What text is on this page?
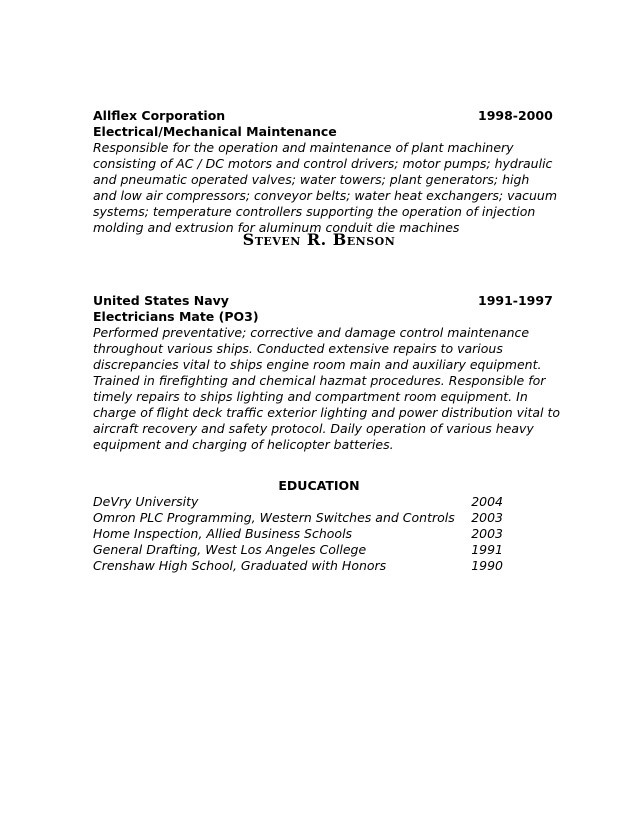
Allflex Corporation	1998-2000
Electrical/Mechanical Maintenance
Responsible for the operation and maintenance of plant machinery
consisting of AC / DC motors and control drivers; motor pumps; hydraulic
and pneumatic operated valves; water towers; plant generators; high
and low air compressors; conveyor belts; water heat exchangers; vacuum
systems; temperature controllers supporting the operation of injection
molding and extrusion for aluminum conduit die machines
Steven R. Benson
United States Navy	1991-1997
Electricians Mate (PO3)
Performed preventative; corrective and damage control maintenance
throughout various ships. Conducted extensive repairs to various
discrepancies vital to ships engine room main and auxiliary equipment.
Trained in firefighting and chemical hazmat procedures. Responsible for
timely repairs to ships lighting and compartment room equipment. In
charge of flight deck traffic exterior lighting and power distribution vital to
aircraft recovery and safety protocol. Daily operation of various heavy
equipment and charging of helicopter batteries.
EDUCATION
DeVry University	2004
Omron PLC Programming, Western Switches and Controls 2003
Home Inspection, Allied Business Schools	2003
General Drafting, West Los Angeles College	1991
Crenshaw High School, Graduated with Honors	1990
